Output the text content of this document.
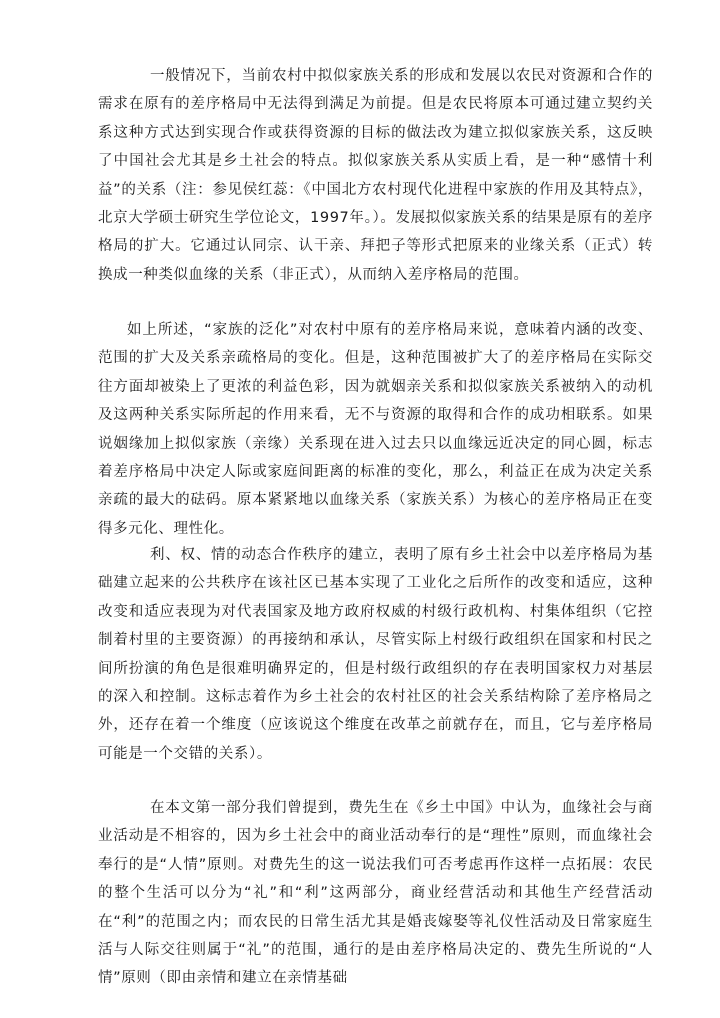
一般情况下，当前农村中拟似家族关系的形成和发展以农民对资源和合作的需求在原有的差序格局中无法得到满足为前提。但是农民将原本可通过建立契约关系这种方式达到实现合作或获得资源的目标的做法改为建立拟似家族关系，这反映了中国社会尤其是乡土社会的特点。拟似家族关系从实质上看，是一种“感情十利益”的关系（注：参见侯红蕊：《中国北方农村现代化进程中家族的作用及其特点》，北京大学硕士研究生学位论文，1997年。）。发展拟似家族关系的结果是原有的差序格局的扩大。它通过认同宗、认干亲、拜把子等形式把原来的业缘关系（正式）转换成一种类似血缘的关系（非正式），从而纳入差序格局的范围。

如上所述，“家族的泛化”对农村中原有的差序格局来说，意味着内涵的改变、范围的扩大及关系亲疏格局的变化。但是，这种范围被扩大了的差序格局在实际交往方面却被染上了更浓的利益色彩，因为就姻亲关系和拟似家族关系被纳入的动机及这两种关系实际所起的作用来看，无不与资源的取得和合作的成功相联系。如果说姻缘加上拟似家族（亲缘）关系现在进入过去只以血缘远近决定的同心圆，标志着差序格局中决定人际或家庭间距离的标准的变化，那么，利益正在成为决定关系亲疏的最大的砝码。原本紧紧地以血缘关系（家族关系）为核心的差序格局正在变得多元化、理性化。

利、权、情的动态合作秩序的建立，表明了原有乡土社会中以差序格局为基础建立起来的公共秩序在该社区已基本实现了工业化之后所作的改变和适应，这种改变和适应表现为对代表国家及地方政府权威的村级行政机构、村集体组织（它控制着村里的主要资源）的再接纳和承认，尽管实际上村级行政组织在国家和村民之间所扮演的角色是很难明确界定的，但是村级行政组织的存在表明国家权力对基层的深入和控制。这标志着作为乡土社会的农村社区的社会关系结构除了差序格局之外，还存在着一个维度（应该说这个维度在改革之前就存在，而且，它与差序格局可能是一个交错的关系）。

在本文第一部分我们曾提到，费先生在《乡土中国》中认为，血缘社会与商业活动是不相容的，因为乡土社会中的商业活动奉行的是“理性”原则，而血缘社会奉行的是“人情”原则。对费先生的这一说法我们可否考虑再作这样一点拓展：农民的整个生活可以分为“礼”和“利”这两部分，商业经营活动和其他生产经营活动在“利”的范围之内；而农民的日常生活尤其是婚丧嫁娶等礼仪性活动及日常家庭生活与人际交往则属于“礼”的范围，通行的是由差序格局决定的、费先生所说的“人情”原则（即由亲情和建立在亲情基础
